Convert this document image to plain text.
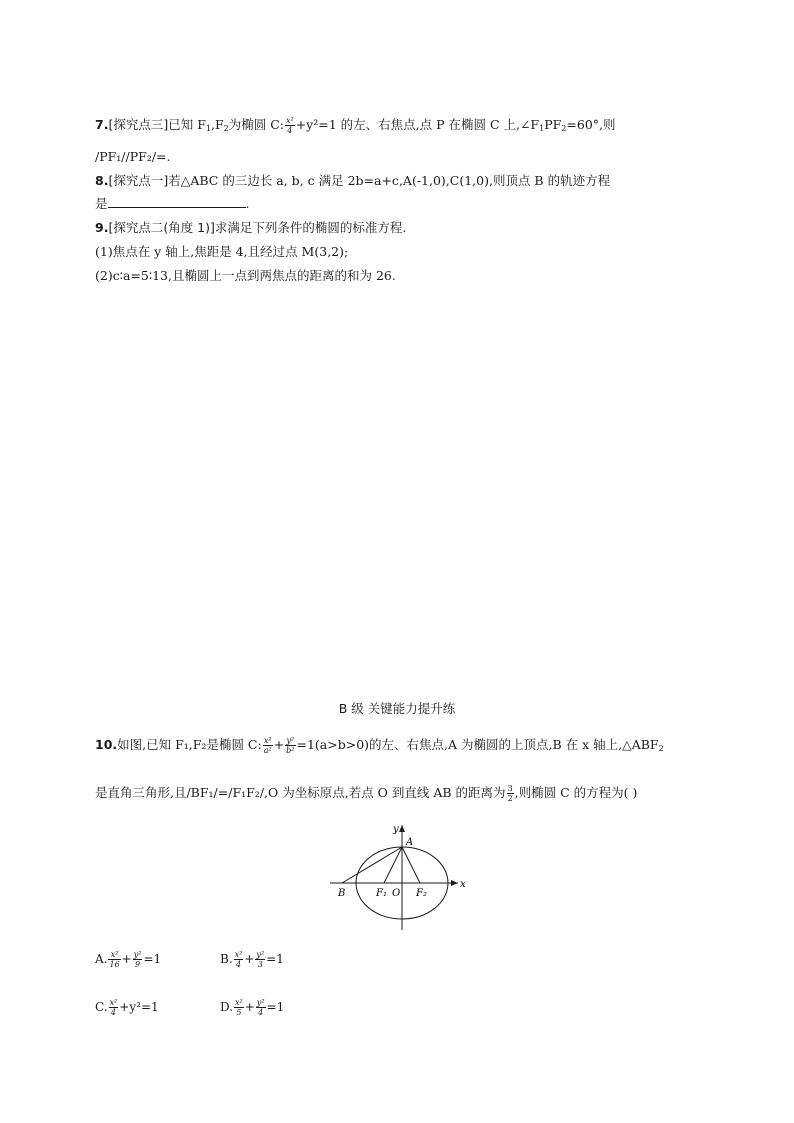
7.[探究点三]已知 $F_1,F_2$为椭圆 C: $\frac{\text{x²}}{4} +y^2=1$ 的左、右焦点,点 P 在椭圆 C 上$,\angle F_1PF_2=60^\circ$,则
/PF₁//PF₂/=.
8.[探究点一]若△ABC 的三边长 a, b, c 满足 2b=a+c,A(-1,0),C(1,0),则顶点 B 的轨迹方程
是	.
9.[探究点二(角度 1)]求满足下列条件的椭圆的标准方程.
(1)焦点在 y 轴上,焦距是 4,且经过点 M(3,2);
(2)c∶a=5∶13,且椭圆上一点到两焦点的距离的和为 26.
B 级 关键能力提升练
10.如图,已知 F₁,F₂是椭圆 C: $\frac{\text{x²}}{\text{a²}} + \frac{\text{y²}}{\text{b²}} =1(a>b>0)$的左、右焦点,A 为椭圆的上顶点,B 在 x 轴上$,\triangle ABF_2$
是直角三角形,且/BF₁/=/F₁F₂/,O 为坐标原点,若点 O 到直线 AB 的距离为 $\frac{3}{2}$ ,则椭圆 C 的方程为( )
y
A
x
B	F₁ O F₂
A. $\frac{\text{x²}}{16} + \frac{\text{y²}}{9} =1$	B. $\frac{\text{x²}}{4} + \frac{\text{y²}}{3} =1$
C. $\frac{\text{x²}}{4} +y^2=1$	D. $\frac{\text{x²}}{5} + \frac{\text{y²}}{4} =1$
